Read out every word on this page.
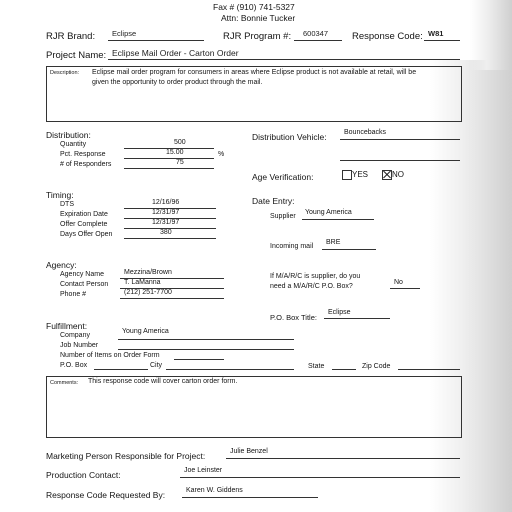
Fax # (910) 741-5327
Attn: Bonnie Tucker
RJR Brand: Eclipse	RJR Program #: 600347	Response Code: W81
Project Name: Eclipse Mail Order - Carton Order
Description: Eclipse mail order program for consumers in areas where Eclipse product is not available at retail, will be
given the opportunity to order product through the mail.
Distribution:
Quantity	500
Pct. Response	15.00	%
# of Responders	75
Distribution Vehicle: Bouncebacks
Age Verification:	YES	NO
Timing:
DTS	12/16/96
Expiration Date	12/31/97
Offer Complete	12/31/97
Days Offer Open	380
Date Entry:
Supplier
Young America
Incoming mail
BRE
If M/A/R/C is supplier, do you
need a M/A/R/C P.O. Box?
No
P.O. Box Title:
Eclipse
Agency:
Agency Name	Mezzina/Brown
Contact Person T. LaManna
Phone #	(212) 251-7700
Fulfillment:
Company
Young America
Job Number
Number of Items on Order Form
P.O. Box	City	State	Zip Code
Comments: This response code will cover carton order form.
Marketing Person Responsible for Project:	Julie Benzel
Production Contact:	Joe Leinster
Response Code Requested By:	Karen W. Giddens
